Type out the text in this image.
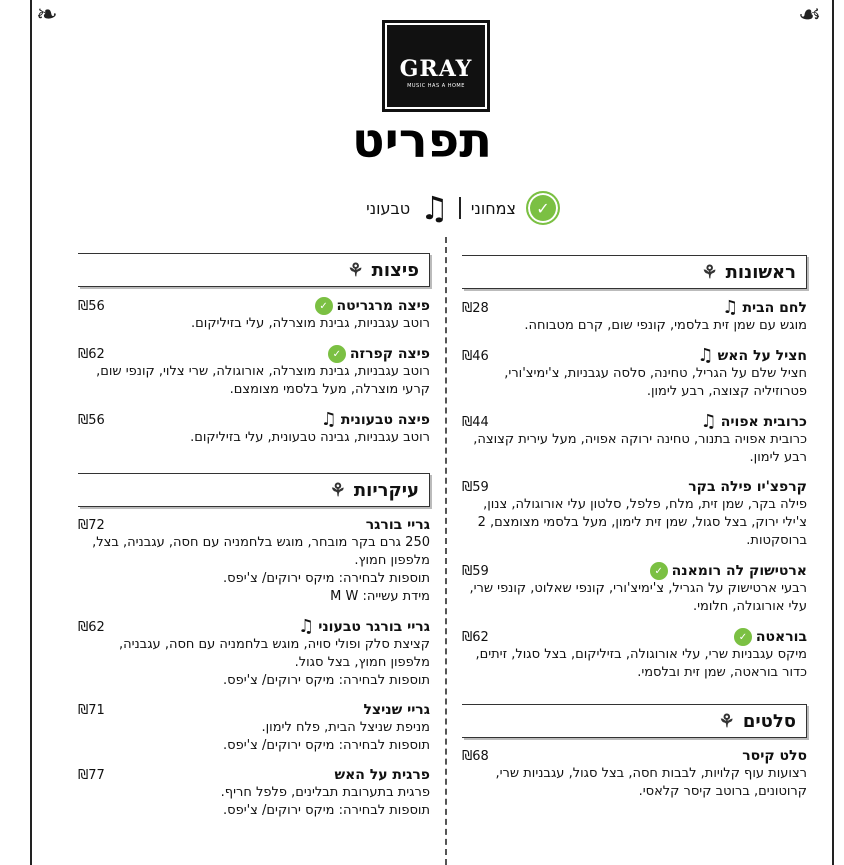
❧	☙
GRAY
MUSIC HAS A HOME
תפריט
✓
צמחוני
♫
טבעוני
ראשונות
⚘
לחם הבית
♫
₪28
מוגש עם שמן זית בלסמי, קונפי שום, קרם מטבוחה.
חציל על האש
♫
₪46
חציל שלם על הגריל, טחינה, סלסה עגבניות, צ'ימיצ'ורי, פטרוזיליה קצוצה, רבע לימון.
כרובית אפויה
♫
₪44
כרובית אפויה בתנור, טחינה ירוקה אפויה, מעל עירית קצוצה, רבע לימון.
קרפצ'יו פילה בקר
₪59
פילה בקר, שמן זית, מלח, פלפל, סלטון עלי אורוגולה, צנון, צ'ילי ירוק, בצל סגול, שמן זית לימון, מעל בלסמי מצומצם, 2 ברוסקטות.
ארטישוק לה רומאנה
✓
₪59
רבעי ארטישוק על הגריל, צ'ימיצ'ורי, קונפי שאלוט, קונפי שרי, עלי אורוגולה, חלומי.
בוראטה
✓
₪62
מיקס עגבניות שרי, עלי אורוגולה, בזיליקום, בצל סגול, זיתים, כדור בוראטה, שמן זית ובלסמי.
סלטים
⚘
סלט קיסר
₪68
רצועות עוף קלויות, לבבות חסה, בצל סגול, עגבניות שרי, קרוטונים, ברוטב קיסר קלאסי.
פיצות
⚘
פיצה מרגריטה
✓
₪56
רוטב עגבניות, גבינת מוצרלה, עלי בזיליקום.
פיצה קפרזה
✓
₪62
רוטב עגבניות, גבינת מוצרלה, אורוגולה, שרי צלוי, קונפי שום, קרעי מוצרלה, מעל בלסמי מצומצם.
פיצה טבעונית
♫
₪56
רוטב עגבניות, גבינה טבעונית, עלי בזיליקום.
עיקריות
⚘
גריי בורגר
₪72
250 גרם בקר מובחר, מוגש בלחמניה עם חסה, עגבניה, בצל, מלפפון חמוץ.
תוספות לבחירה: מיקס ירוקים/ צ'יפס.
מידת עשייה: M W
גריי בורגר טבעוני
♫
₪62
קציצת סלק ופולי סויה, מוגש בלחמניה עם חסה, עגבניה, מלפפון חמוץ, בצל סגול.
תוספות לבחירה: מיקס ירוקים/ צ'יפס.
גריי שניצל
₪71
מניפת שניצל הבית, פלח לימון.
תוספות לבחירה: מיקס ירוקים/ צ'יפס.
פרגית על האש
₪77
פרגית בתערובת תבלינים, פלפל חריף.
תוספות לבחירה: מיקס ירוקים/ צ'יפס.
